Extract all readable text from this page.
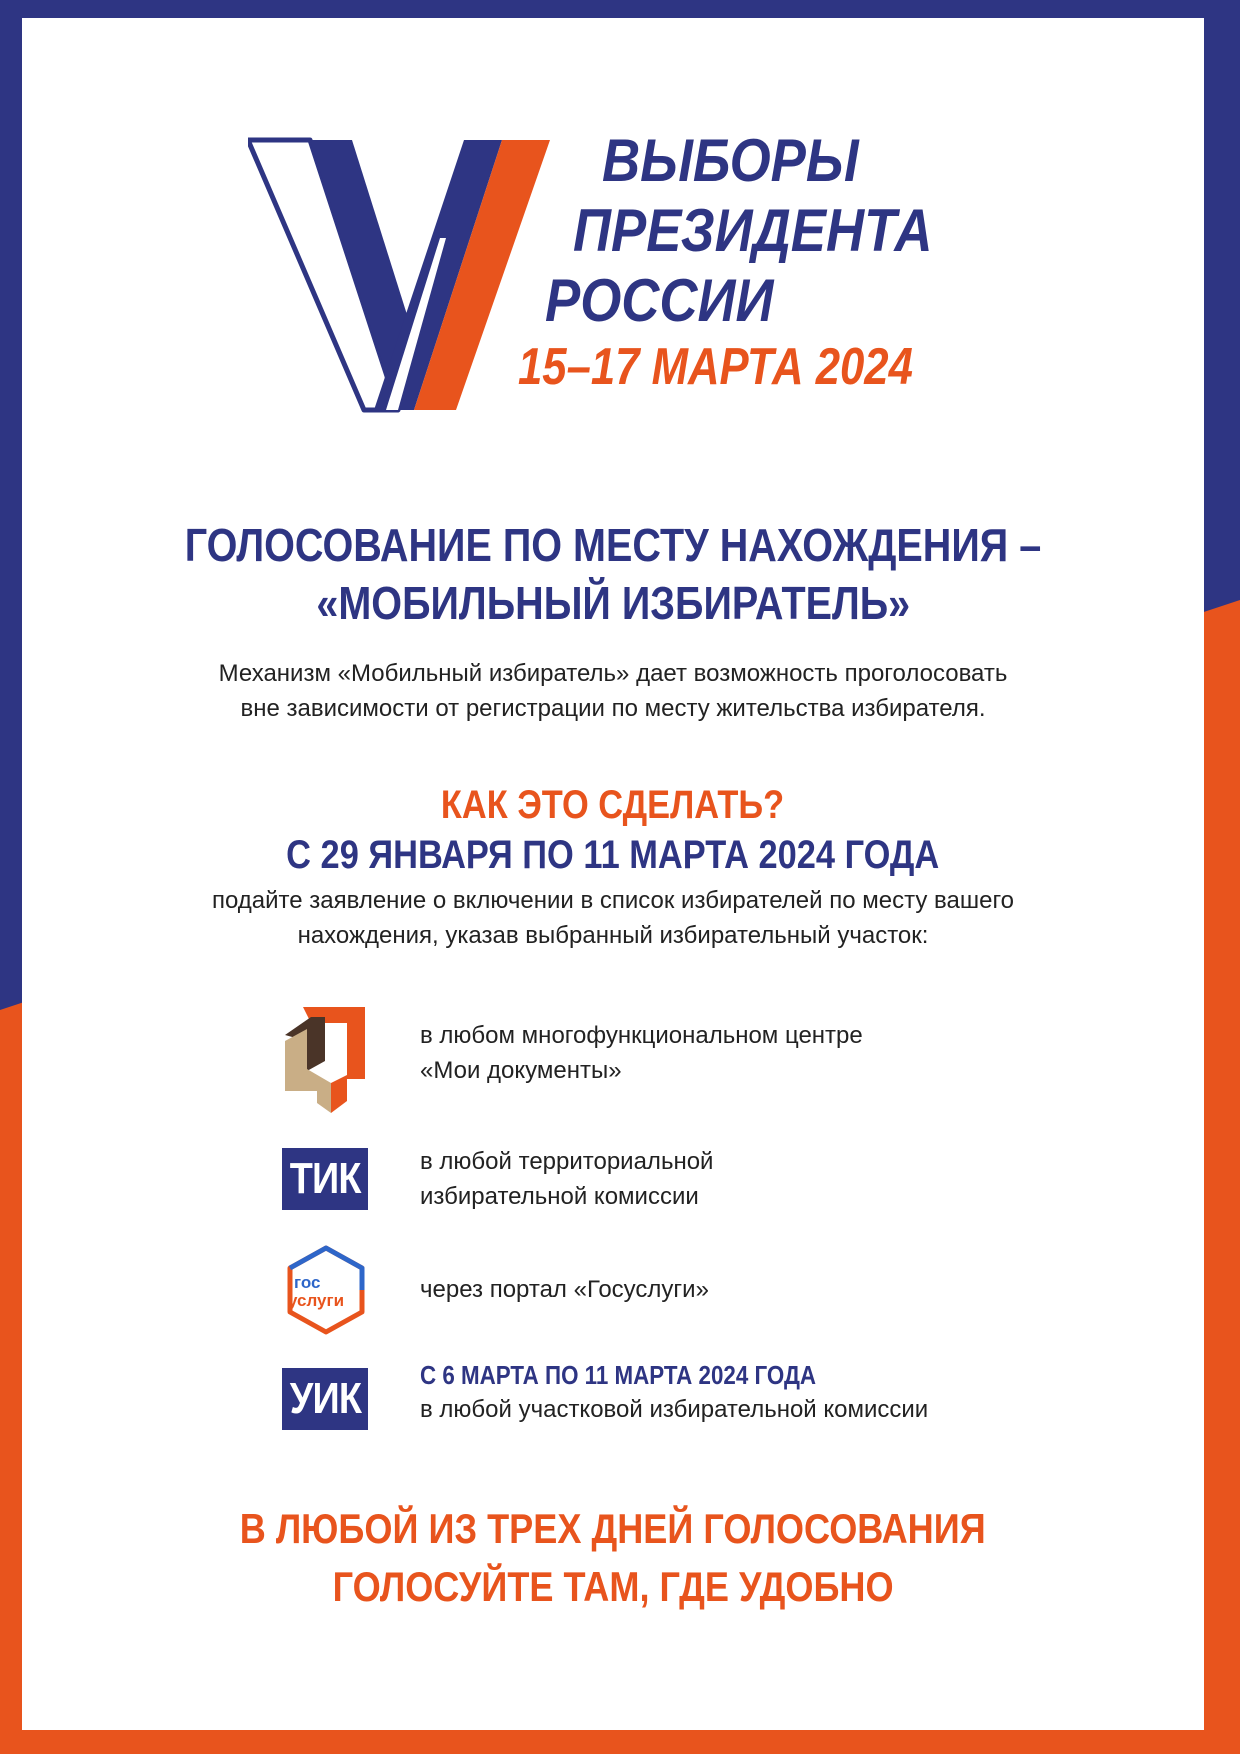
ВЫБОРЫ
ПРЕЗИДЕНТА
РОССИИ
15–17 МАРТА 2024
ГОЛОСОВАНИЕ ПО МЕСТУ НАХОЖДЕНИЯ –
«МОБИЛЬНЫЙ ИЗБИРАТЕЛЬ»
Механизм «Мобильный избиратель» дает возможность проголосовать
вне зависимости от регистрации по месту жительства избирателя.
КАК ЭТО СДЕЛАТЬ?
С 29 ЯНВАРЯ ПО 11 МАРТА 2024 ГОДА
подайте заявление о включении в список избирателей по месту вашего
нахождения, указав выбранный избирательный участок:
в любом многофункциональном центре
«Мои документы»
ТИК	в любой территориальной
избирательной комиссии
гос
услуги	через портал «Госуслуги»
УИК С 6 МАРТА ПО 11 МАРТА 2024 ГОДА
в любой участковой избирательной комиссии
В ЛЮБОЙ ИЗ ТРЕХ ДНЕЙ ГОЛОСОВАНИЯ
ГОЛОСУЙТЕ ТАМ, ГДЕ УДОБНО
